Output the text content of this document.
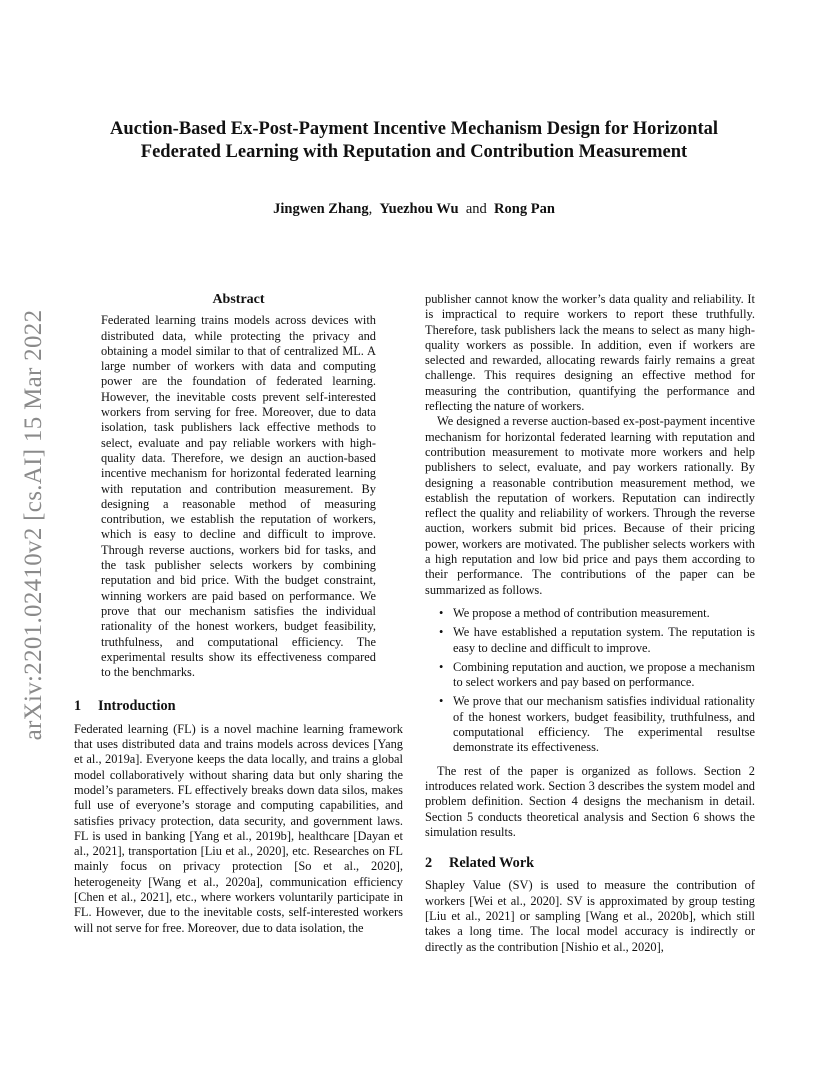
arXiv:2201.02410v2 [cs.AI] 15 Mar 2022
Auction-Based Ex-Post-Payment Incentive Mechanism Design for Horizontal
Federated Learning with Reputation and Contribution Measurement
Jingwen Zhang, Yuezhou Wu and Rong Pan
Abstract

Federated learning trains models across devices with distributed data, while protecting the privacy and obtaining a model similar to that of centralized ML. A large number of workers with data and computing power are the foundation of federated learning. However, the inevitable costs prevent self-interested workers from serving for free. Moreover, due to data isolation, task publishers lack effective methods to select, evaluate and pay reliable workers with high-quality data. Therefore, we design an auction-based incentive mechanism for horizontal federated learning with reputation and contribution measurement. By designing a reasonable method of measuring contribution, we establish the reputation of workers, which is easy to decline and difficult to improve. Through reverse auctions, workers bid for tasks, and the task publisher selects workers by combining reputation and bid price. With the budget constraint, winning workers are paid based on performance. We prove that our mechanism satisfies the individual rationality of the honest workers, budget feasibility, truthfulness, and computational efficiency. The experimental results show its effectiveness compared to the benchmarks.

1 Introduction

Federated learning (FL) is a novel machine learning framework that uses distributed data and trains models across devices [Yang et al., 2019a]. Everyone keeps the data locally, and trains a global model collaboratively without sharing data but only sharing the model’s parameters. FL effectively breaks down data silos, makes full use of everyone’s storage and computing capabilities, and satisfies privacy protection, data security, and government laws. FL is used in banking [Yang et al., 2019b], healthcare [Dayan et al., 2021], transportation [Liu et al., 2020], etc. Researches on FL mainly focus on privacy protection [So et al., 2020], heterogeneity [Wang et al., 2020a], communication efficiency [Chen et al., 2021], etc., where workers voluntarily participate in FL. However, due to the inevitable costs, self-interested workers will not serve for free. Moreover, due to data isolation, the

publisher cannot know the worker’s data quality and reliability. It is impractical to require workers to report these truthfully. Therefore, task publishers lack the means to select as many high-quality workers as possible. In addition, even if workers are selected and rewarded, allocating rewards fairly remains a great challenge. This requires designing an effective method for measuring the contribution, quantifying the performance and reflecting the nature of workers.

We designed a reverse auction-based ex-post-payment incentive mechanism for horizontal federated learning with reputation and contribution measurement to motivate more workers and help publishers to select, evaluate, and pay workers rationally. By designing a reasonable contribution measurement method, we establish the reputation of workers. Reputation can indirectly reflect the quality and reliability of workers. Through the reverse auction, workers submit bid prices. Because of their pricing power, workers are motivated. The publisher selects workers with a high reputation and low bid price and pays them according to their performance. The contributions of the paper can be summarized as follows.

• We propose a method of contribution measurement.
• We have established a reputation system. The reputation is easy to decline and difficult to improve.
• Combining reputation and auction, we propose a mechanism to select workers and pay based on performance.
• We prove that our mechanism satisfies individual rationality of the honest workers, budget feasibility, truthfulness, and computational efficiency. The experimental resultse demonstrate its effectiveness.

The rest of the paper is organized as follows. Section 2 introduces related work. Section 3 describes the system model and problem definition. Section 4 designs the mechanism in detail. Section 5 conducts theoretical analysis and Section 6 shows the simulation results.

2 Related Work

Shapley Value (SV) is used to measure the contribution of workers [Wei et al., 2020]. SV is approximated by group testing [Liu et al., 2021] or sampling [Wang et al., 2020b], which still takes a long time. The local model accuracy is indirectly or directly as the contribution [Nishio et al., 2020],
